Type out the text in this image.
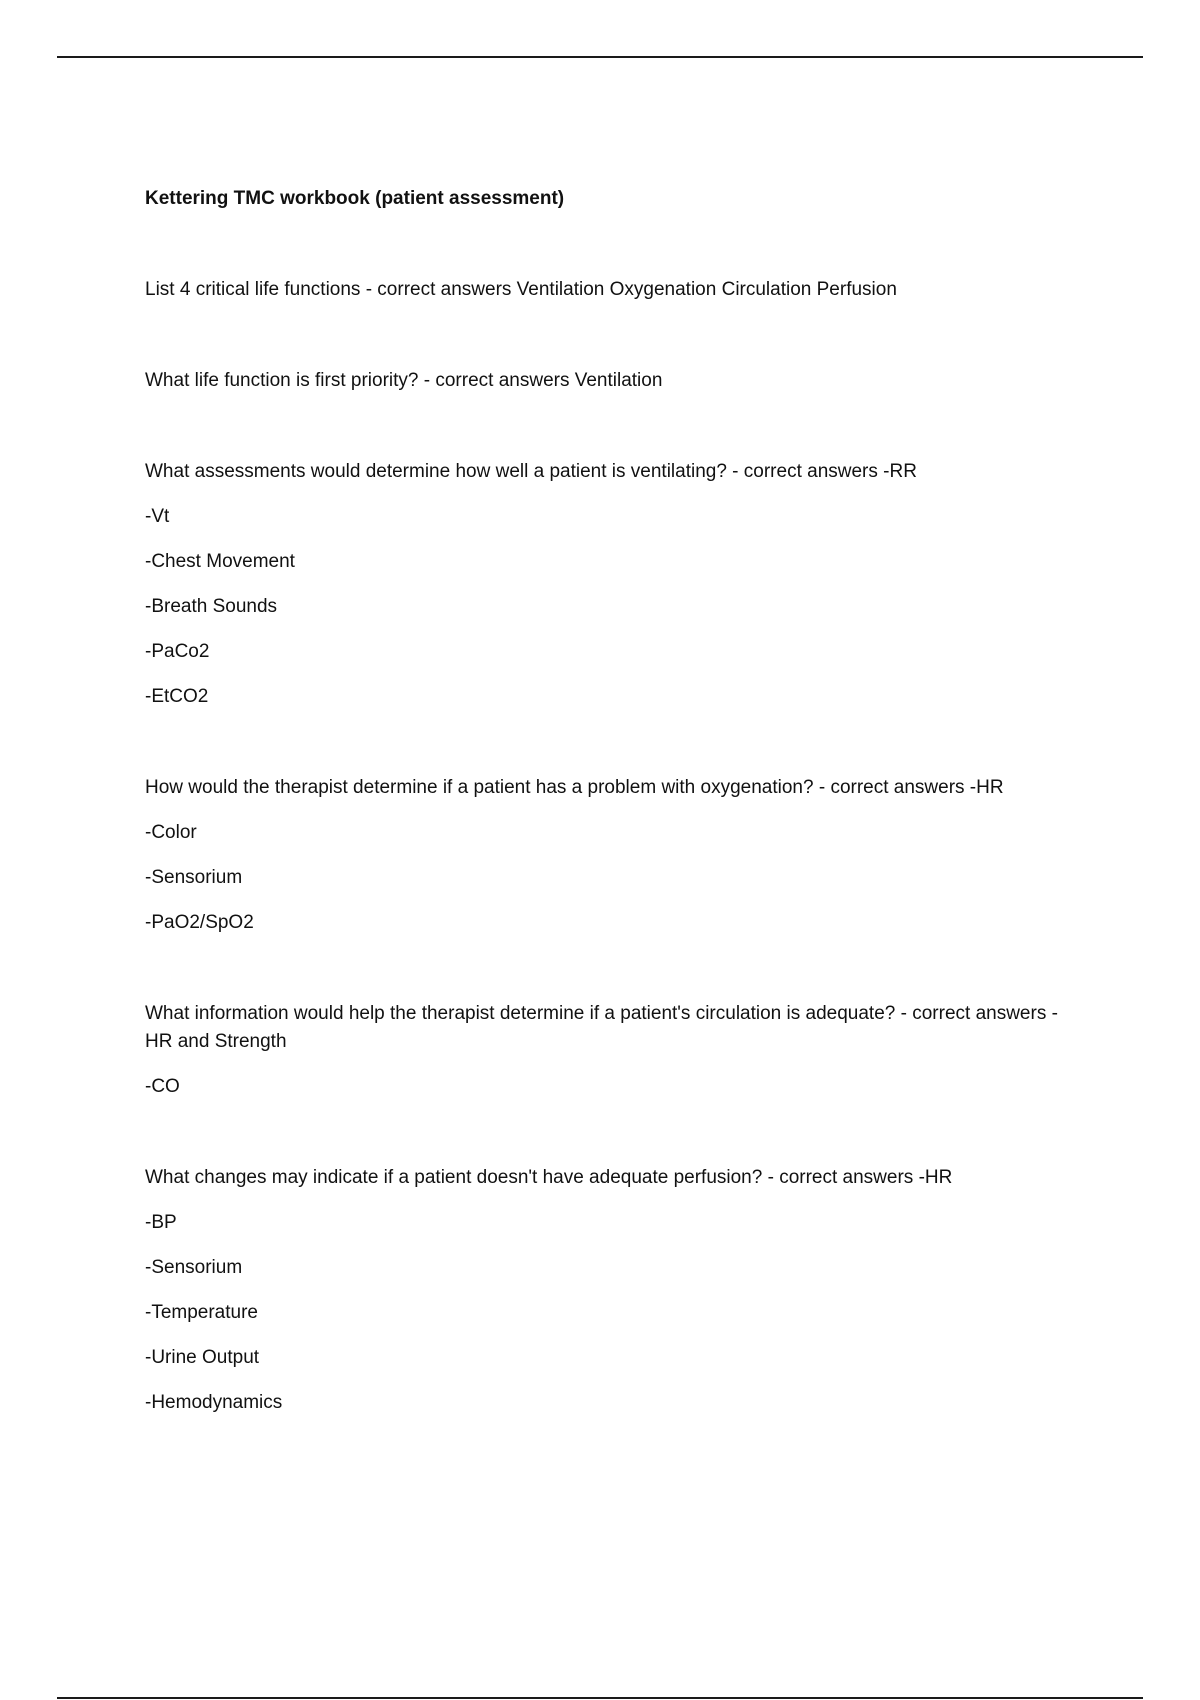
Kettering TMC workbook (patient assessment)

List 4 critical life functions - correct answers Ventilation Oxygenation Circulation Perfusion

What life function is first priority? - correct answers Ventilation

What assessments would determine how well a patient is ventilating? - correct answers -RR

-Vt

-Chest Movement

-Breath Sounds

-PaCo2

-EtCO2

How would the therapist determine if a patient has a problem with oxygenation? - correct answers -HR

-Color

-Sensorium

-PaO2/SpO2

What information would help the therapist determine if a patient's circulation is adequate? - correct answers -HR and Strength

-CO

What changes may indicate if a patient doesn't have adequate perfusion? - correct answers -HR

-BP

-Sensorium

-Temperature

-Urine Output

-Hemodynamics
